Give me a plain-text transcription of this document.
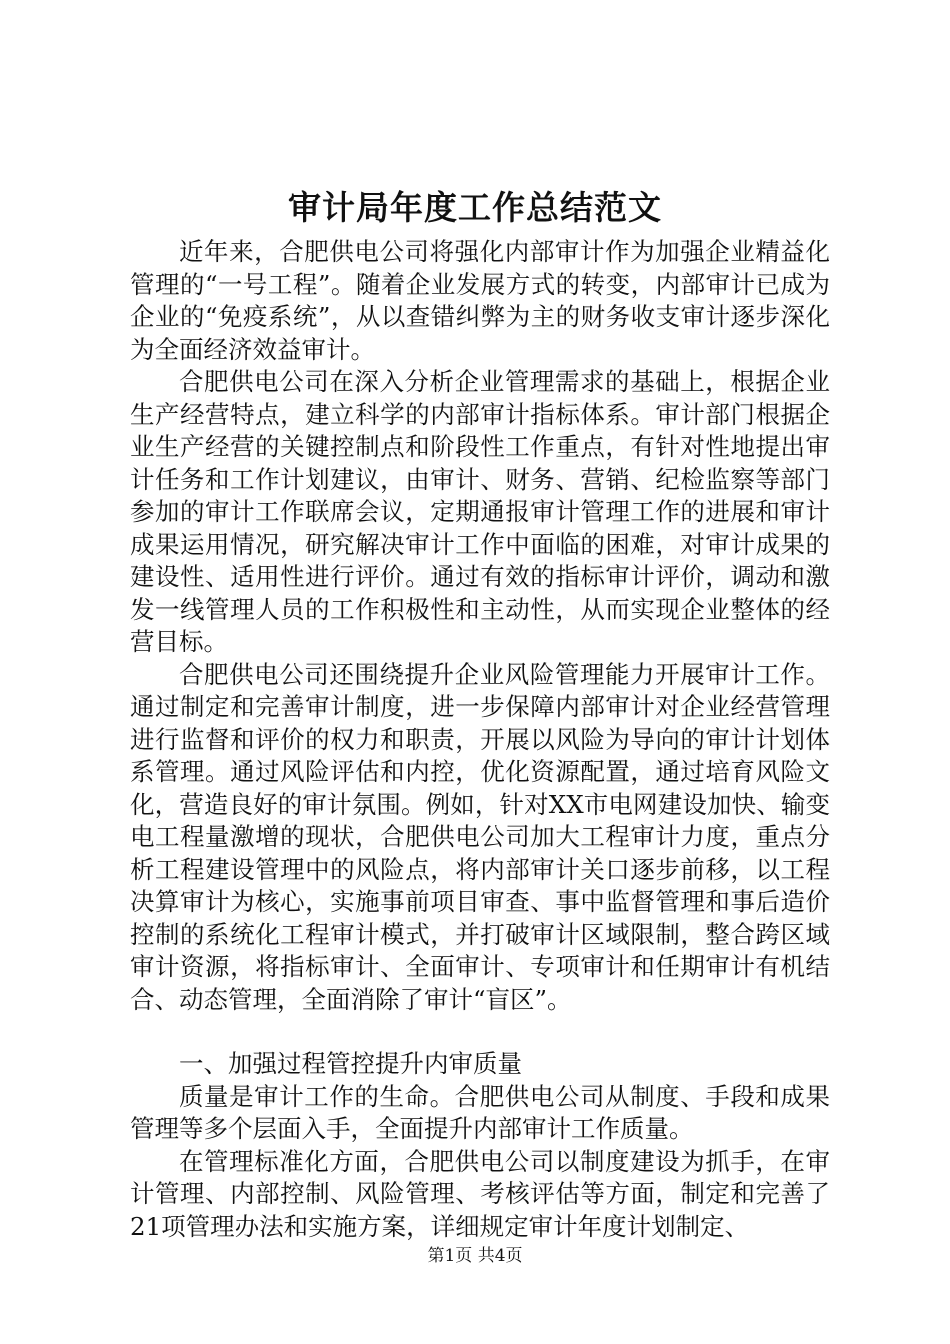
审计局年度工作总结范文

近年来，合肥供电公司将强化内部审计作为加强企业精益化管理的“一号工程”。随着企业发展方式的转变，内部审计已成为企业的“免疫系统”，从以查错纠弊为主的财务收支审计逐步深化为全面经济效益审计。

合肥供电公司在深入分析企业管理需求的基础上，根据企业生产经营特点，建立科学的内部审计指标体系。审计部门根据企业生产经营的关键控制点和阶段性工作重点，有针对性地提出审计任务和工作计划建议，由审计、财务、营销、纪检监察等部门参加的审计工作联席会议，定期通报审计管理工作的进展和审计成果运用情况，研究解决审计工作中面临的困难，对审计成果的建设性、适用性进行评价。通过有效的指标审计评价，调动和激发一线管理人员的工作积极性和主动性，从而实现企业整体的经营目标。

合肥供电公司还围绕提升企业风险管理能力开展审计工作。通过制定和完善审计制度，进一步保障内部审计对企业经营管理进行监督和评价的权力和职责，开展以风险为导向的审计计划体系管理。通过风险评估和内控，优化资源配置，通过培育风险文化，营造良好的审计氛围。例如，针对XX市电网建设加快、输变电工程量激增的现状，合肥供电公司加大工程审计力度，重点分析工程建设管理中的风险点，将内部审计关口逐步前移，以工程决算审计为核心，实施事前项目审查、事中监督管理和事后造价控制的系统化工程审计模式，并打破审计区域限制，整合跨区域审计资源，将指标审计、全面审计、专项审计和任期审计有机结合、动态管理，全面消除了审计“盲区”。

一、加强过程管控提升内审质量

质量是审计工作的生命。合肥供电公司从制度、手段和成果管理等多个层面入手，全面提升内部审计工作质量。

在管理标准化方面，合肥供电公司以制度建设为抓手，在审计管理、内部控制、风险管理、考核评估等方面，制定和完善了21项管理办法和实施方案，详细规定审计年度计划制定、

第1页 共4页
